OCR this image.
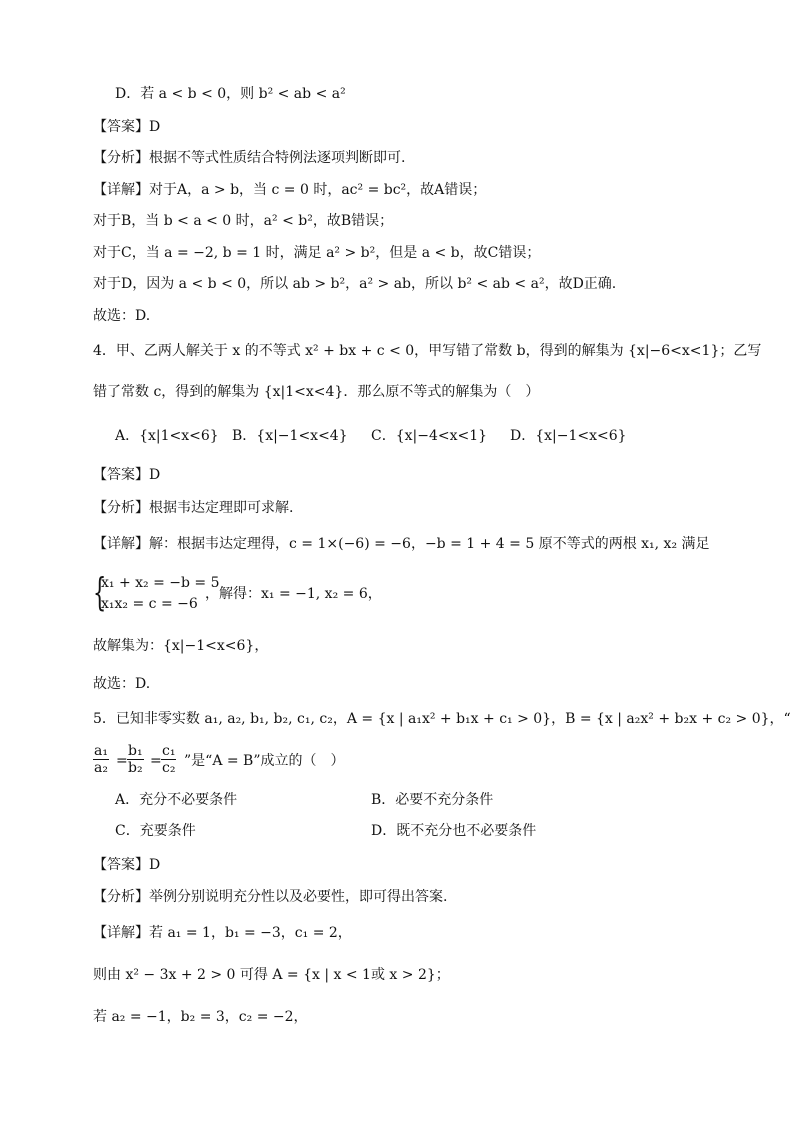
D．若 a < b < 0，则 b² < ab < a²
【答案】D
【分析】根据不等式性质结合特例法逐项判断即可.
【详解】对于A，a > b，当 c = 0 时，ac² = bc²，故A错误；
对于B，当 b < a < 0 时，a² < b²，故B错误；
对于C，当 a = −2, b = 1 时，满足 a² > b²，但是 a < b，故C错误；
对于D，因为 a < b < 0，所以 ab > b²，a² > ab，所以 b² < ab < a²，故D正确.
故选：D.
4．甲、乙两人解关于 x 的不等式 x² + bx + c < 0，甲写错了常数 b，得到的解集为 {x|−6<x<1}；乙写
错了常数 c，得到的解集为 {x|1<x<4}．那么原不等式的解集为（　）
A．{x|1<x<6} B．{x|−1<x<4} C．{x|−4<x<1} D．{x|−1<x<6}
【答案】D
【分析】根据韦达定理即可求解.
【详解】解：根据韦达定理得，c = 1×(−6) = −6，−b = 1 + 4 = 5 原不等式的两根 x₁, x₂ 满足
{
x₁ + x₂ = −b = 5
x₁x₂ = c = −6
，解得：x₁ = −1, x₂ = 6，
故解集为：{x|−1<x<6}，
故选：D.
5．已知非零实数 a₁, a₂, b₁, b₂, c₁, c₂，A = {x | a₁x² + b₁x + c₁ > 0}，B = {x | a₂x² + b₂x + c₂ > 0}，“
$\frac{\text{a₁}}{\text{a₂}} = \frac{\text{b₁}}{\text{b₂}} = \frac{\text{c₁}}{\text{c₂}}$ ”是“A = B”成立的（　）
A．充分不必要条件	B．必要不充分条件
C．充要条件	D．既不充分也不必要条件
【答案】D
【分析】举例分别说明充分性以及必要性，即可得出答案.
【详解】若 a₁ = 1，b₁ = −3，c₁ = 2，
则由 x² − 3x + 2 > 0 可得 A = {x | x < 1或 x > 2}；
若 a₂ = −1，b₂ = 3，c₂ = −2，
